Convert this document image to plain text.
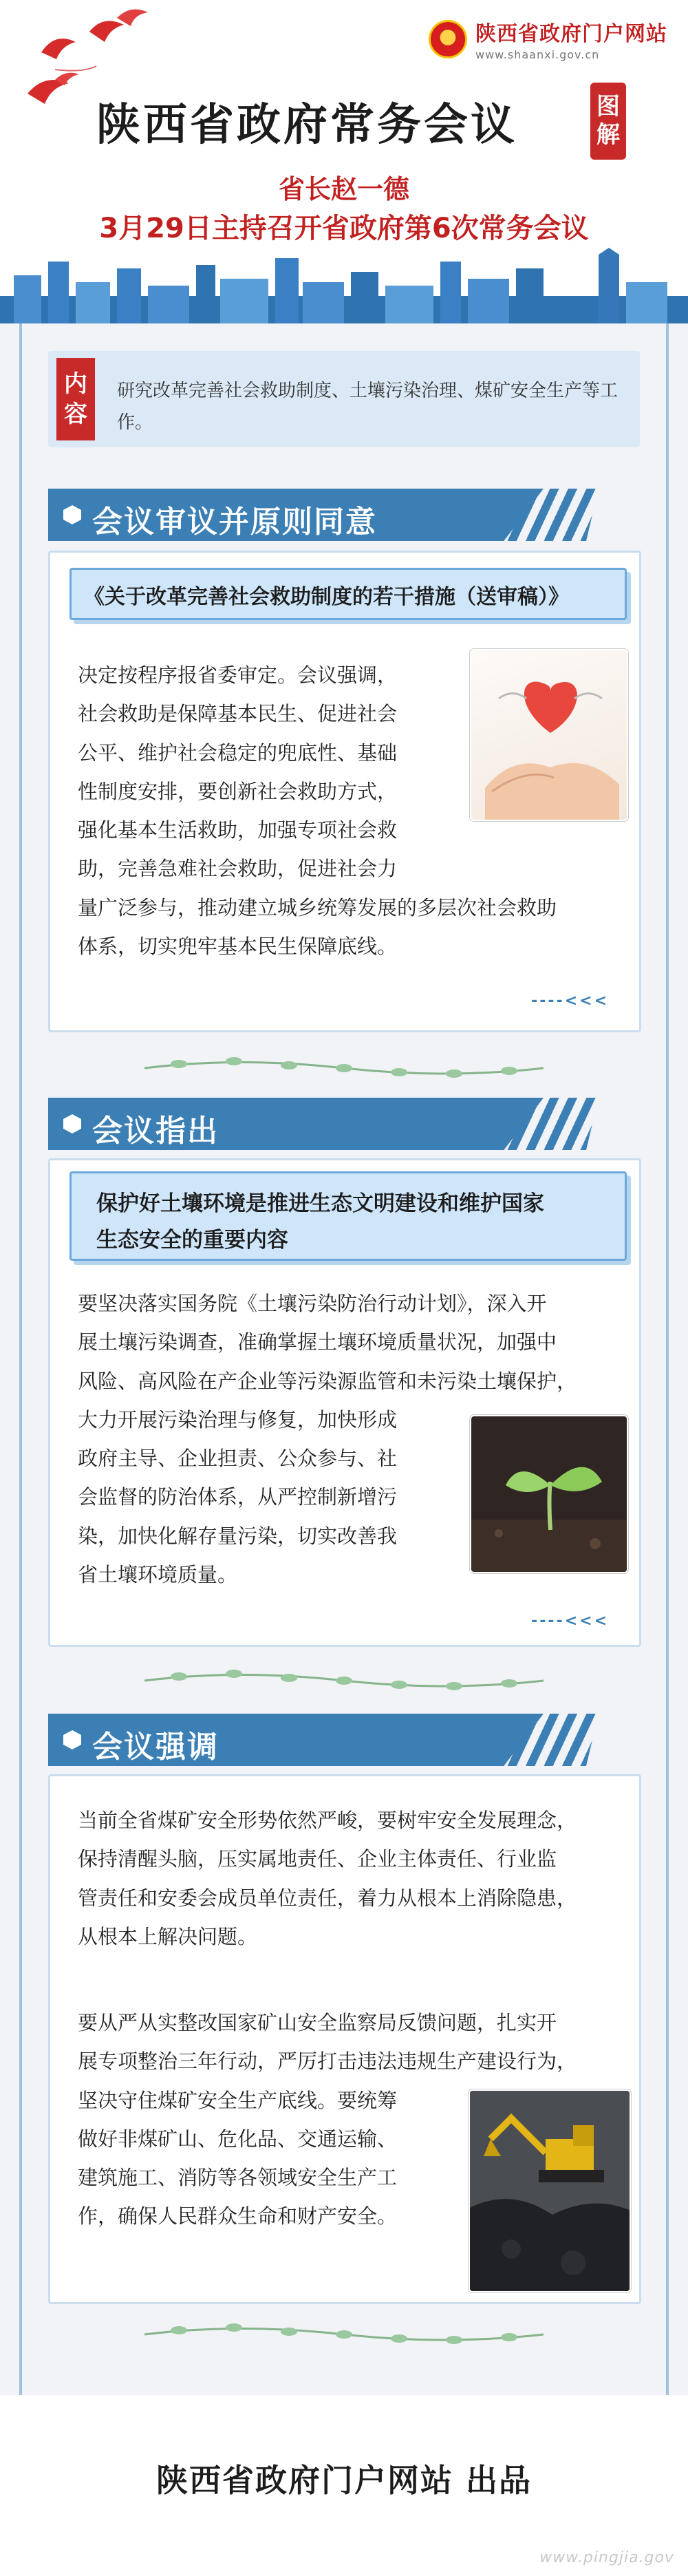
陕西省政府门户网站
www.shaanxi.gov.cn
陕西省政府常务会议	图
解
省长赵一德
3月29日主持召开省政府第6次常务会议
内
容
研究改革完善社会救助制度、土壤污染治理、煤矿安全生产等工作。
会议审议并原则同意
《关于改革完善社会救助制度的若干措施（送审稿）》
决定按程序报省委审定。会议强调，
社会救助是保障基本民生、促进社会
公平、维护社会稳定的兜底性、基础
性制度安排，要创新社会救助方式，
强化基本生活救助，加强专项社会救
助，完善急难社会救助，促进社会力
量广泛参与，推动建立城乡统筹发展的多层次社会救助
体系，切实兜牢基本民生保障底线。
----<<<
会议指出
保护好土壤环境是推进生态文明建设和维护国家
生态安全的重要内容
要坚决落实国务院《土壤污染防治行动计划》，深入开
展土壤污染调查，准确掌握土壤环境质量状况，加强中
风险、高风险在产企业等污染源监管和未污染土壤保护，
大力开展污染治理与修复，加快形成
政府主导、企业担责、公众参与、社
会监督的防治体系，从严控制新增污
染，加快化解存量污染，切实改善我
省土壤环境质量。
----<<<
会议强调
当前全省煤矿安全形势依然严峻，要树牢安全发展理念，
保持清醒头脑，压实属地责任、企业主体责任、行业监
管责任和安委会成员单位责任，着力从根本上消除隐患，
从根本上解决问题。
要从严从实整改国家矿山安全监察局反馈问题，扎实开
展专项整治三年行动，严厉打击违法违规生产建设行为，
坚决守住煤矿安全生产底线。要统筹
做好非煤矿山、危化品、交通运输、
建筑施工、消防等各领域安全生产工
作，确保人民群众生命和财产安全。
陕西省政府门户网站 出品
www.pingjia.gov
